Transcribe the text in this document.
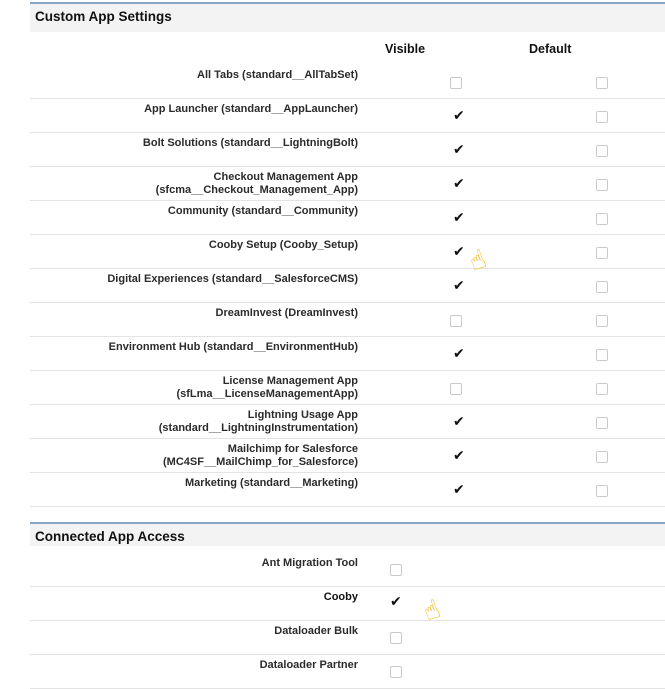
Custom App Settings
Visible	Default
All Tabs (standard__AllTabSet)
App Launcher (standard__AppLauncher)	✔
Bolt Solutions (standard__LightningBolt)	✔
Checkout Management App
(sfcma__Checkout_Management_App)	✔
Community (standard__Community)	✔
Cooby Setup (Cooby_Setup)	✔
Digital Experiences (standard__SalesforceCMS)	✔
DreamInvest (DreamInvest)
Environment Hub (standard__EnvironmentHub)	✔
License Management App
(sfLma__LicenseManagementApp)
Lightning Usage App
(standard__LightningInstrumentation)	✔
Mailchimp for Salesforce
(MC4SF__MailChimp_for_Salesforce)	✔
Marketing (standard__Marketing)	✔
Connected App Access
Ant Migration Tool
Cooby ✔
Dataloader Bulk
Dataloader Partner
☝
☝
